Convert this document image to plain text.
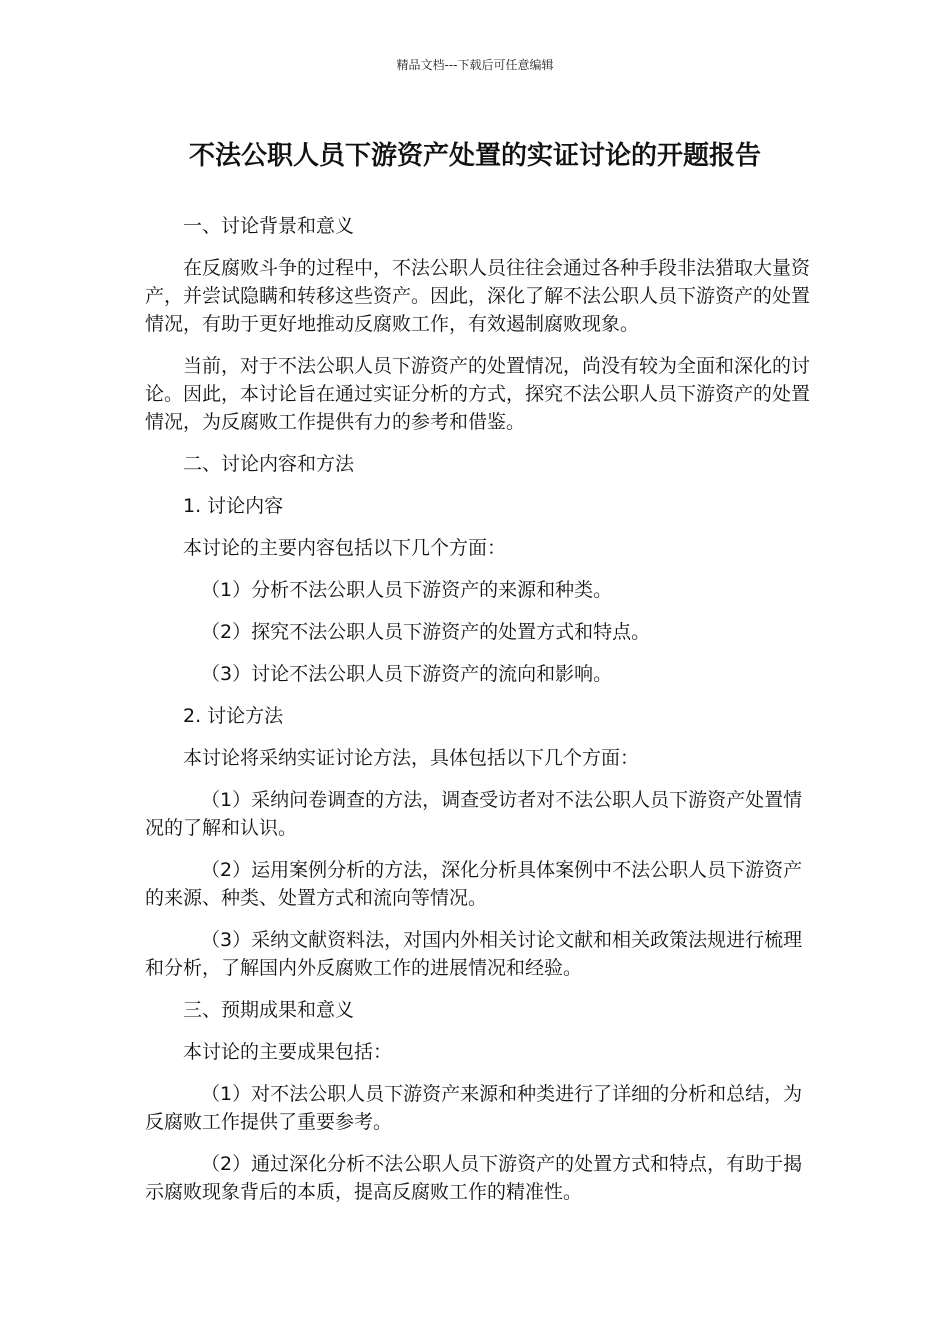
精品文档---下载后可任意编辑
不法公职人员下游资产处置的实证讨论的开题报告

一、讨论背景和意义

在反腐败斗争的过程中，不法公职人员往往会通过各种手段非法猎取大量资产，并尝试隐瞒和转移这些资产。因此，深化了解不法公职人员下游资产的处置情况，有助于更好地推动反腐败工作，有效遏制腐败现象。

当前，对于不法公职人员下游资产的处置情况，尚没有较为全面和深化的讨论。因此，本讨论旨在通过实证分析的方式，探究不法公职人员下游资产的处置情况，为反腐败工作提供有力的参考和借鉴。

二、讨论内容和方法

1. 讨论内容

本讨论的主要内容包括以下几个方面：

（1）分析不法公职人员下游资产的来源和种类。

（2）探究不法公职人员下游资产的处置方式和特点。

（3）讨论不法公职人员下游资产的流向和影响。

2. 讨论方法

本讨论将采纳实证讨论方法，具体包括以下几个方面：

（1）采纳问卷调查的方法，调查受访者对不法公职人员下游资产处置情况的了解和认识。

（2）运用案例分析的方法，深化分析具体案例中不法公职人员下游资产的来源、种类、处置方式和流向等情况。

（3）采纳文献资料法，对国内外相关讨论文献和相关政策法规进行梳理和分析，了解国内外反腐败工作的进展情况和经验。

三、预期成果和意义

本讨论的主要成果包括：

（1）对不法公职人员下游资产来源和种类进行了详细的分析和总结，为反腐败工作提供了重要参考。

（2）通过深化分析不法公职人员下游资产的处置方式和特点，有助于揭示腐败现象背后的本质，提高反腐败工作的精准性。
